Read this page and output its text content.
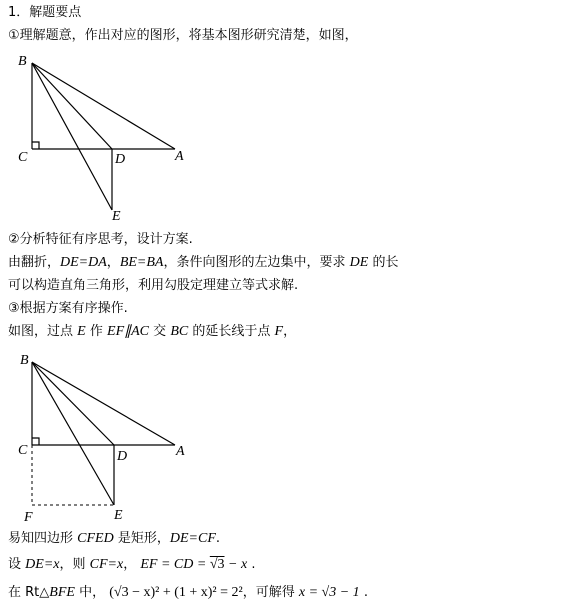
1．解题要点
①理解题意，作出对应的图形，将基本图形研究清楚，如图，
B
C	D	A
E
②分析特征有序思考，设计方案.
由翻折，DE=DA，BE=BA，条件向图形的左边集中，要求 DE 的长
可以构造直角三角形，利用勾股定理建立等式求解.
③根据方案有序操作.
如图，过点 E 作 EF∥AC 交 BC 的延长线于点 F，
B
C	D	A
F	E
易知四边形 CFED 是矩形，DE=CF.
设 DE=x，则 CF=x， EF = CD = √3 − x .
在 Rt△BFE 中， (√3 − x)² + (1 + x)² = 2²，可解得 x = √3 − 1 .
